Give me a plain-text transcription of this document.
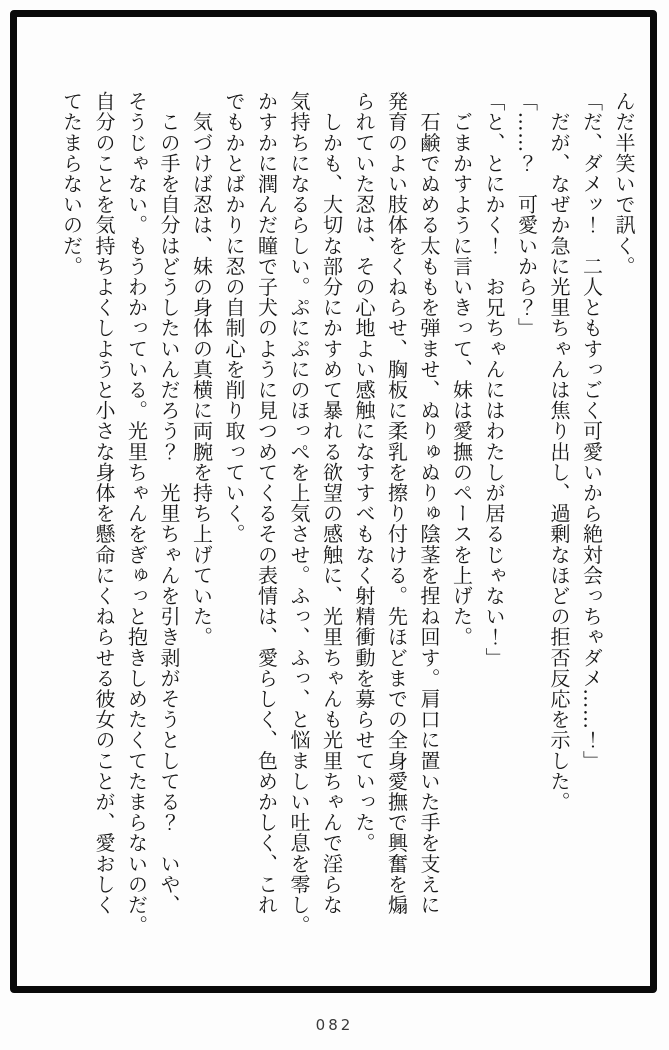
んだ半笑いで訊く。
「だ、ダメッ！　二人ともすっごく可愛いから絶対会っちゃダメ……！」
　だが、なぜか急に光里ちゃんは焦り出し、過剰なほどの拒否反応を示した。
「……？　可愛いから？」
「と、とにかく！　お兄ちゃんにはわたしが居るじゃない！」
　ごまかすように言いきって、妹は愛撫のペースを上げた。
　石鹸でぬめる太ももを弾ませ、ぬりゅぬりゅ陰茎を捏ね回す。肩口に置いた手を支えに
発育のよい肢体をくねらせ、胸板に柔乳を擦り付ける。先ほどまでの全身愛撫で興奮を煽
られていた忍は、その心地よい感触になすすべもなく射精衝動を募らせていった。
　しかも、大切な部分にかすめて暴れる欲望の感触に、光里ちゃんも光里ちゃんで淫らな
気持ちになるらしい。ぷにぷにのほっぺを上気させ。ふっ、ふっ、と悩ましい吐息を零し。
かすかに潤んだ瞳で子犬のように見つめてくるその表情は、愛らしく、色めかしく、これ
でもかとばかりに忍の自制心を削り取っていく。
　気づけば忍は、妹の身体の真横に両腕を持ち上げていた。
　この手を自分はどうしたいんだろう？　光里ちゃんを引き剥がそうとしてる？　いや、
そうじゃない。もうわかっている。光里ちゃんをぎゅっと抱きしめたくてたまらないのだ。
自分のことを気持ちよくしようと小さな身体を懸命にくねらせる彼女のことが、愛おしく
てたまらないのだ。
082
